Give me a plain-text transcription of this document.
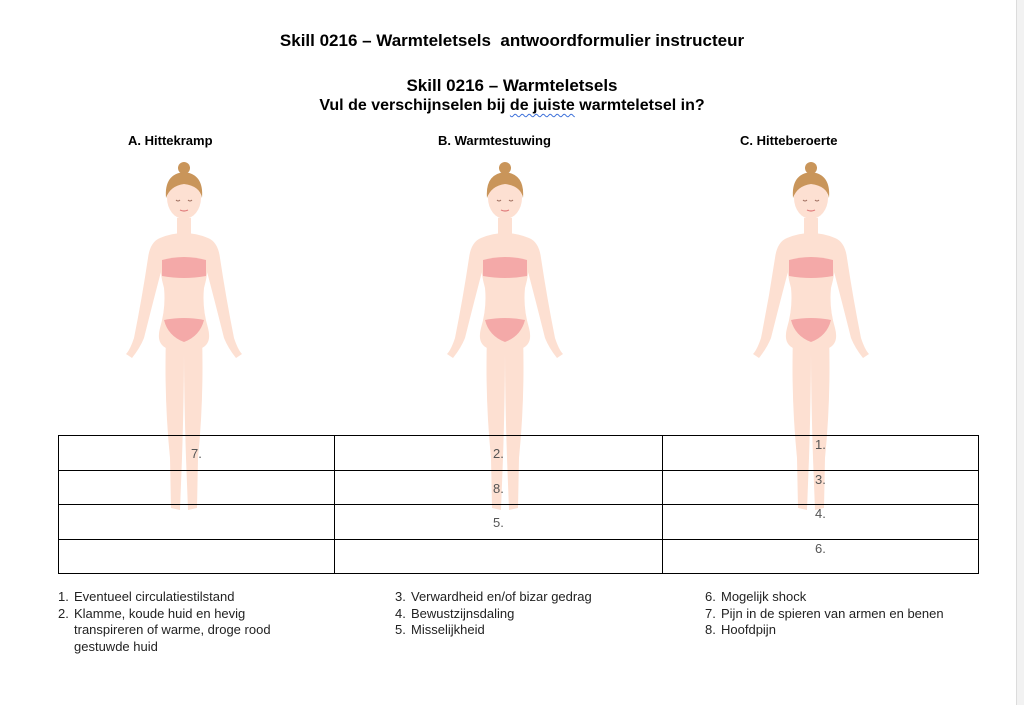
Skill 0216 – Warmteletsels  antwoordformulier instructeur
Skill 0216 – Warmteletsels
Vul de verschijnselen bij de juiste warmteletsel in?
A. Hittekramp	B. Warmtestuwing	C. Hitteberoerte
7.	2.	1.

	8.	3.

	5.	4.

		6.
1. Eventueel circulatiestilstand
2. Klamme, koude huid en hevig transpireren of warme, droge rood gestuwde huid
3. Verwardheid en/of bizar gedrag
4. Bewustzijnsdaling
5. Misselijkheid
6. Mogelijk shock
7. Pijn in de spieren van armen en benen
8. Hoofdpijn
